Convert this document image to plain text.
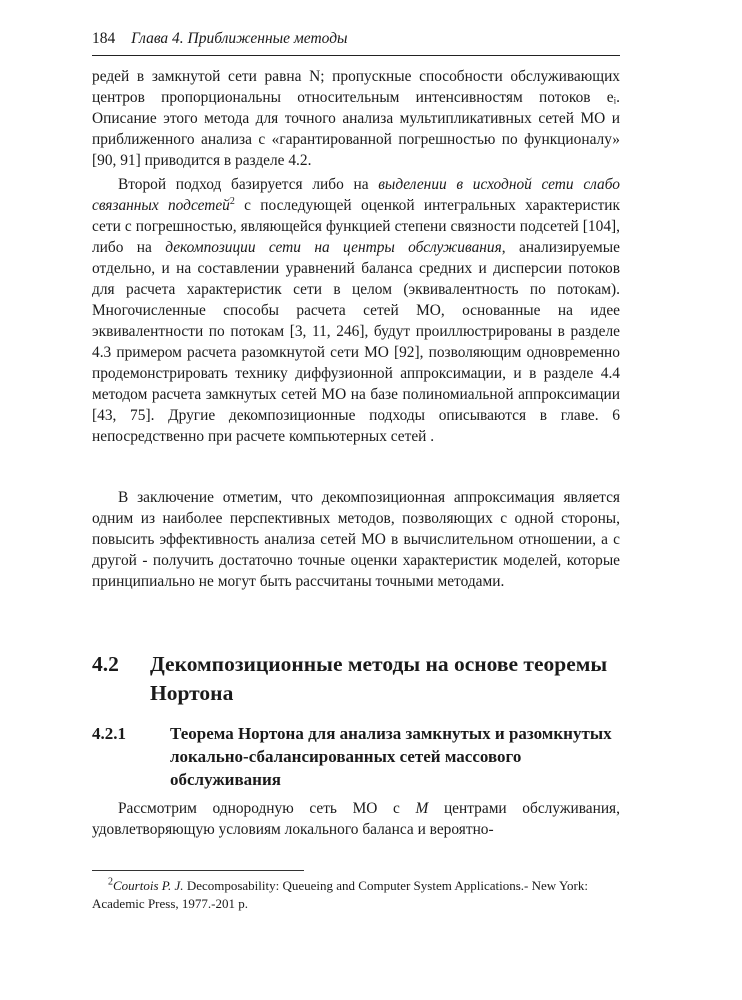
184 Глава 4. Приближенные методы

редей в замкнутой сети равна N; пропускные способности обслуживающих центров пропорциональны относительным интенсивностям потоков eᵢ. Описание этого метода для точного анализа мультипликативных сетей МО и приближенного анализа с «гарантированной погрешностью по функционалу» [90, 91] приводится в разделе 4.2.

Второй подход базируется либо на выделении в исходной сети слабо связанных подсетей$^2$ с последующей оценкой интегральных характеристик сети с погрешностью, являющейся функцией степени связности подсетей [104], либо на декомпозиции сети на центры обслуживания, анализируемые отдельно, и на составлении уравнений баланса средних и дисперсии потоков для расчета характеристик сети в целом (эквивалентность по потокам). Многочисленные способы расчета сетей МО, основанные на идее эквивалентности по потокам [3, 11, 246], будут проиллюстрированы в разделе 4.3 примером расчета разомкнутой сети МО [92], позволяющим одновременно продемонстрировать технику диффузионной аппроксимации, и в разделе 4.4 методом расчета замкнутых сетей МО на базе полиномиальной аппроксимации [43, 75]. Другие декомпозиционные подходы описываются в главе. 6 непосредственно при расчете компьютерных сетей .

В заключение отметим, что декомпозиционная аппроксимация является одним из наиболее перспективных методов, позволяющих с одной стороны, повысить эффективность анализа сетей МО в вычислительном отношении, а с другой - получить достаточно точные оценки характеристик моделей, которые принципиально не могут быть рассчитаны точными методами.

4.2	Декомпозиционные методы на основе теоремы Нортона
4.2.1	Теорема Нортона для анализа замкнутых и разомкнутых локально-сбалансированных сетей массового обслуживания

Рассмотрим однородную сеть МО с M центрами обслуживания, удовлетворяющую условиям локального баланса и вероятно-

$^2$Courtois P. J. Decomposability: Queueing and Computer System Applications.- New York: Academic Press, 1977.-201 p.
